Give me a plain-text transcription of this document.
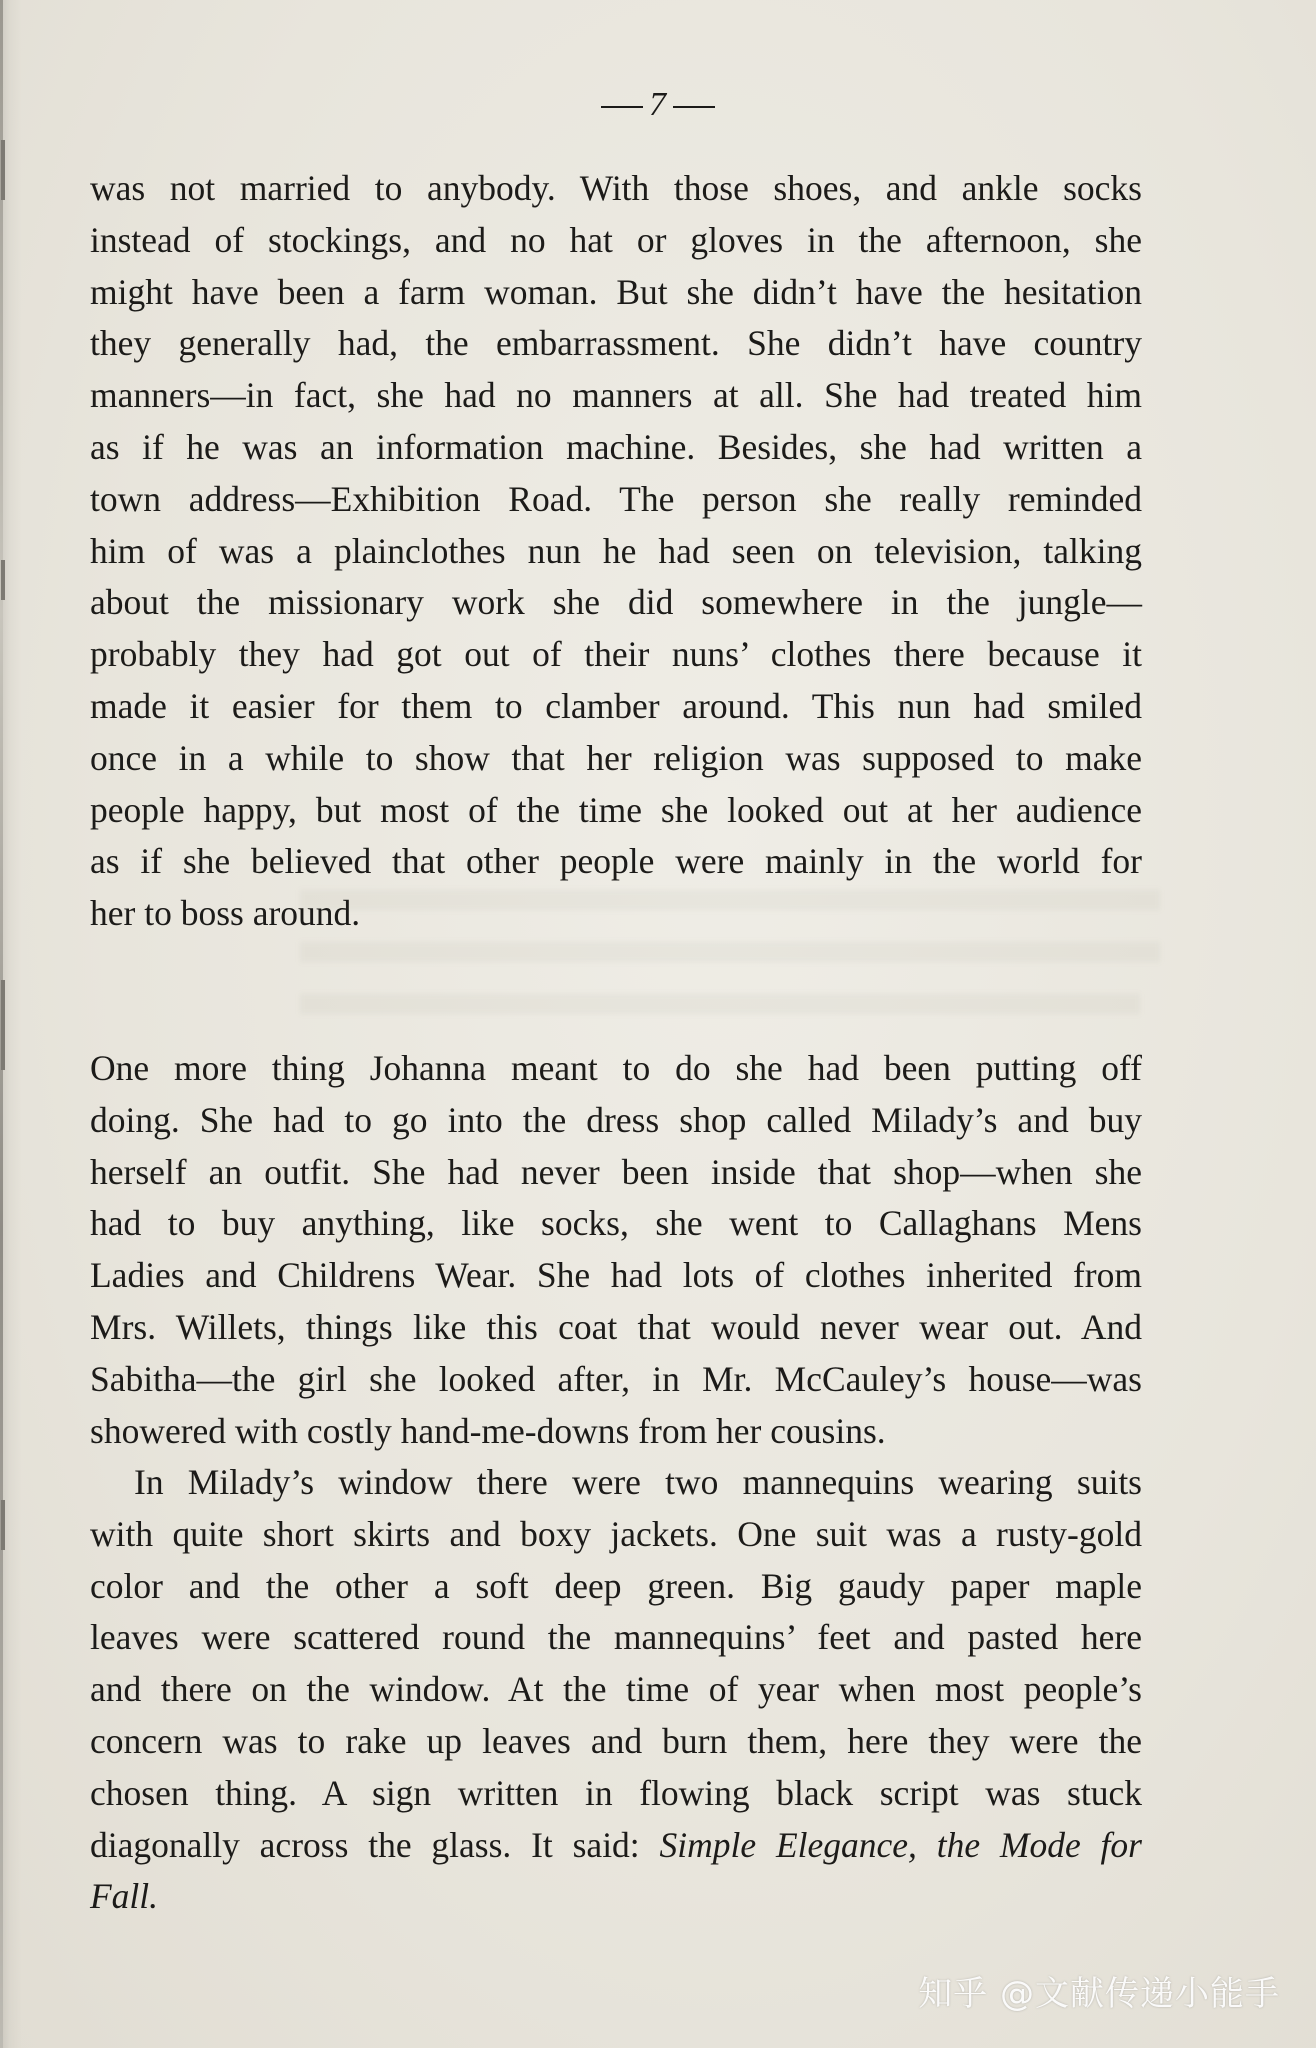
7
was not married to anybody. With those shoes, and ankle socks
instead of stockings, and no hat or gloves in the afternoon, she
might have been a farm woman. But she didn’t have the hesitation
they generally had, the embarrassment. She didn’t have country
manners—in fact, she had no manners at all. She had treated him
as if he was an information machine. Besides, she had written a
town address—Exhibition Road. The person she really reminded
him of was a plainclothes nun he had seen on television, talking
about the missionary work she did somewhere in the jungle—
probably they had got out of their nuns’ clothes there because it
made it easier for them to clamber around. This nun had smiled
once in a while to show that her religion was supposed to make
people happy, but most of the time she looked out at her audience
as if she believed that other people were mainly in the world for
her to boss around.
One more thing Johanna meant to do she had been putting off
doing. She had to go into the dress shop called Milady’s and buy
herself an outfit. She had never been inside that shop—when she
had to buy anything, like socks, she went to Callaghans Mens
Ladies and Childrens Wear. She had lots of clothes inherited from
Mrs. Willets, things like this coat that would never wear out. And
Sabitha—the girl she looked after, in Mr. McCauley’s house—was
showered with costly hand-me-downs from her cousins.
In Milady’s window there were two mannequins wearing suits
with quite short skirts and boxy jackets. One suit was a rusty-gold
color and the other a soft deep green. Big gaudy paper maple
leaves were scattered round the mannequins’ feet and pasted here
and there on the window. At the time of year when most people’s
concern was to rake up leaves and burn them, here they were the
chosen thing. A sign written in flowing black script was stuck
diagonally across the glass. It said: Simple Elegance, the Mode for
Fall.
知乎 @文献传递小能手
